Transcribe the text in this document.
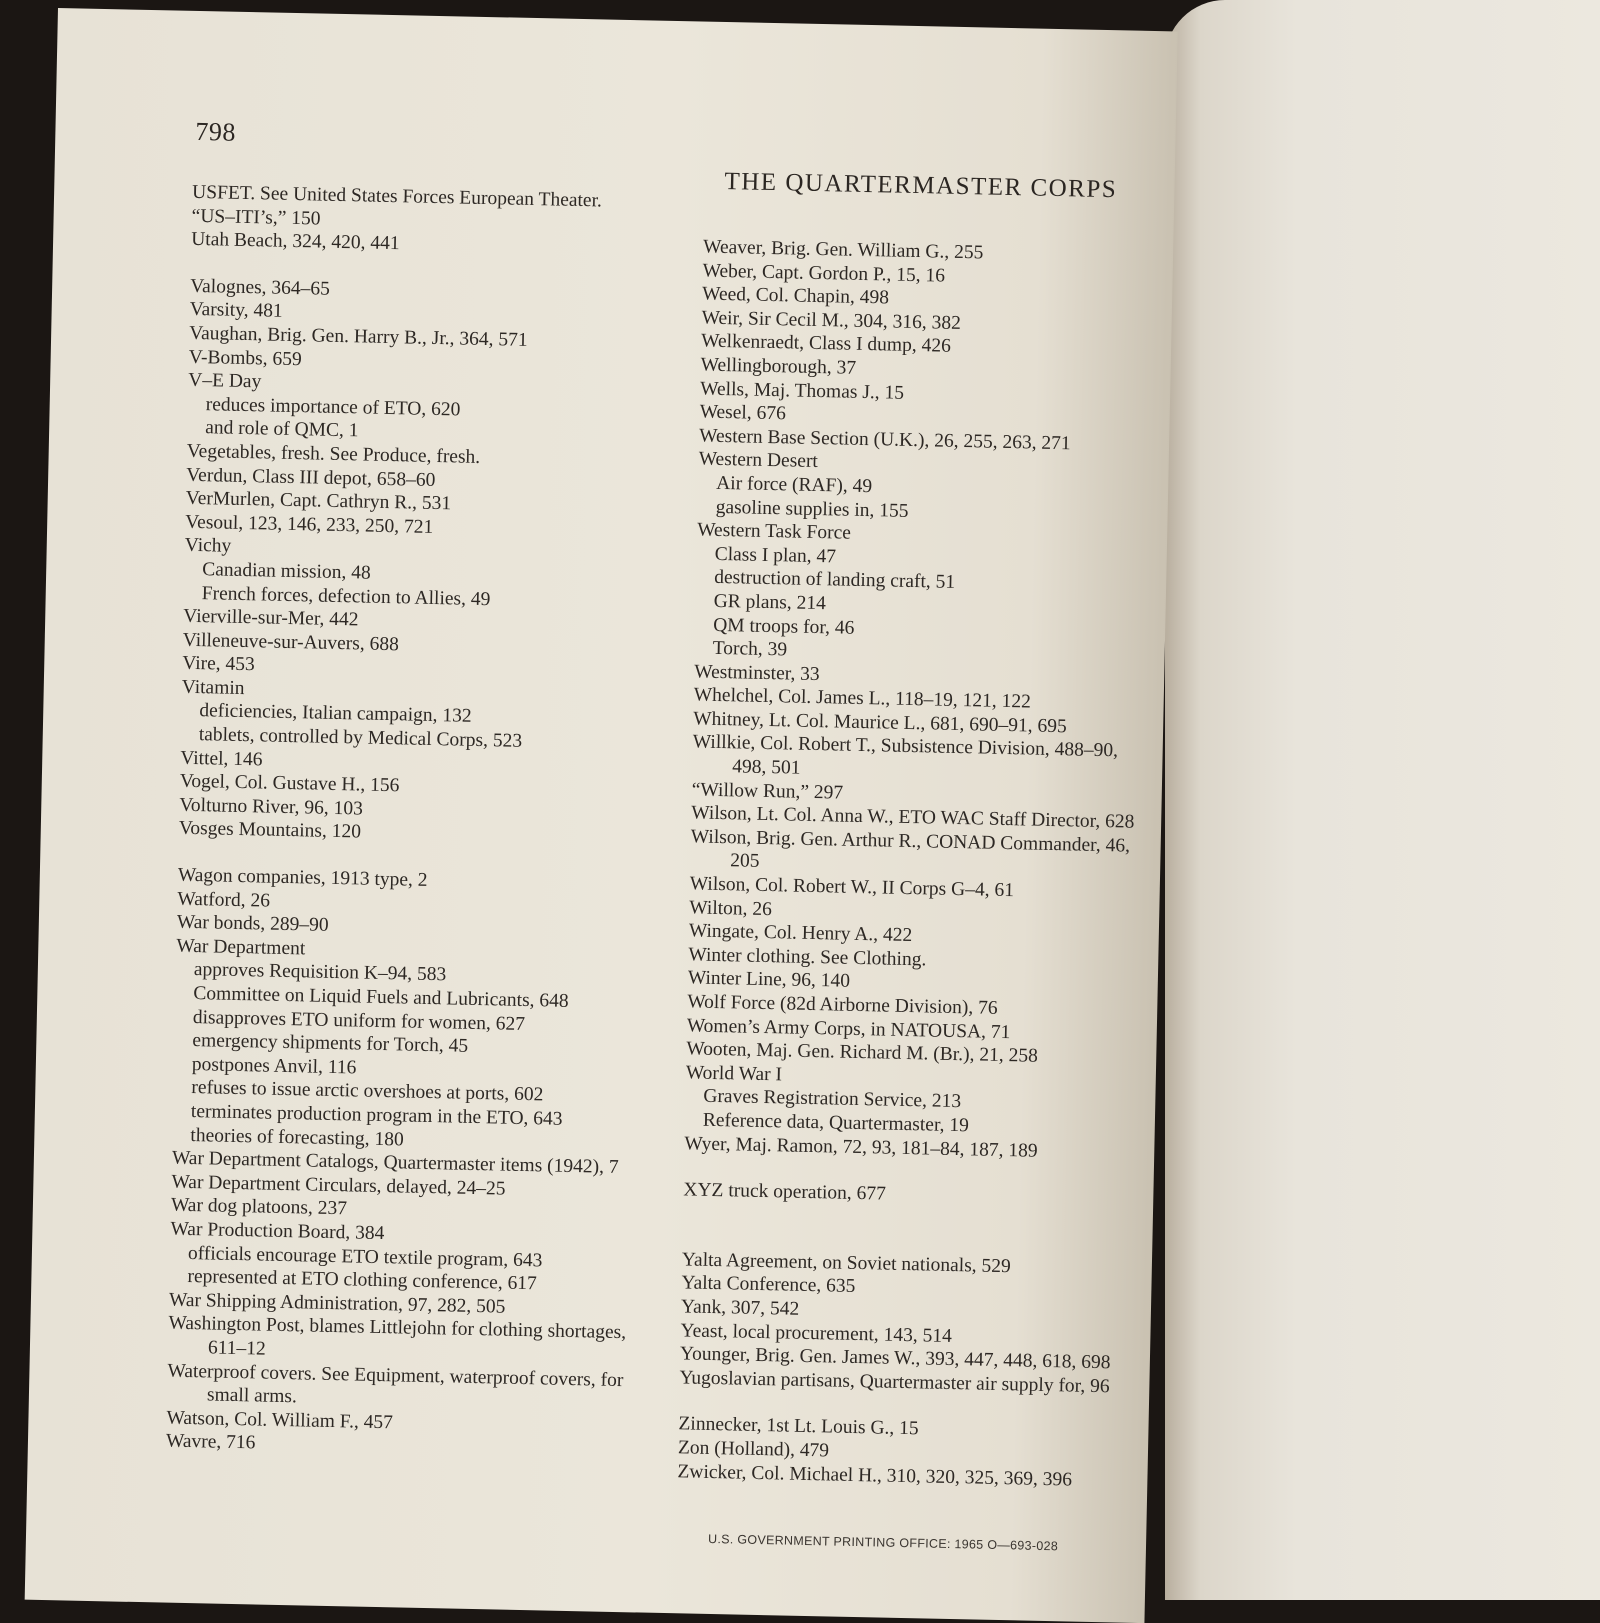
798
THE QUARTERMASTER CORPS
USFET. See United States Forces European Theater.
“US–ITI’s,” 150
Utah Beach, 324, 420, 441
Valognes, 364–65
Varsity, 481
Vaughan, Brig. Gen. Harry B., Jr., 364, 571
V-Bombs, 659
V–E Day
reduces importance of ETO, 620
and role of QMC, 1
Vegetables, fresh. See Produce, fresh.
Verdun, Class III depot, 658–60
VerMurlen, Capt. Cathryn R., 531
Vesoul, 123, 146, 233, 250, 721
Vichy
Canadian mission, 48
French forces, defection to Allies, 49
Vierville-sur-Mer, 442
Villeneuve-sur-Auvers, 688
Vire, 453
Vitamin
deficiencies, Italian campaign, 132
tablets, controlled by Medical Corps, 523
Vittel, 146
Vogel, Col. Gustave H., 156
Volturno River, 96, 103
Vosges Mountains, 120
Wagon companies, 1913 type, 2
Watford, 26
War bonds, 289–90
War Department
approves Requisition K–94, 583
Committee on Liquid Fuels and Lubricants, 648
disapproves ETO uniform for women, 627
emergency shipments for Torch, 45
postpones Anvil, 116
refuses to issue arctic overshoes at ports, 602
terminates production program in the ETO, 643
theories of forecasting, 180
War Department Catalogs, Quartermaster items (1942), 7
War Department Circulars, delayed, 24–25
War dog platoons, 237
War Production Board, 384
officials encourage ETO textile program, 643
represented at ETO clothing conference, 617
War Shipping Administration, 97, 282, 505
Washington Post, blames Littlejohn for clothing shortages, 611–12
Waterproof covers. See Equipment, waterproof covers, for small arms.
Watson, Col. William F., 457
Wavre, 716
Weaver, Brig. Gen. William G., 255
Weber, Capt. Gordon P., 15, 16
Weed, Col. Chapin, 498
Weir, Sir Cecil M., 304, 316, 382
Welkenraedt, Class I dump, 426
Wellingborough, 37
Wells, Maj. Thomas J., 15
Wesel, 676
Western Base Section (U.K.), 26, 255, 263, 271
Western Desert
Air force (RAF), 49
gasoline supplies in, 155
Western Task Force
Class I plan, 47
destruction of landing craft, 51
GR plans, 214
QM troops for, 46
Torch, 39
Westminster, 33
Whelchel, Col. James L., 118–19, 121, 122
Whitney, Lt. Col. Maurice L., 681, 690–91, 695
Willkie, Col. Robert T., Subsistence Division, 488–90, 498, 501
“Willow Run,” 297
Wilson, Lt. Col. Anna W., ETO WAC Staff Director, 628
Wilson, Brig. Gen. Arthur R., CONAD Commander, 46, 205
Wilson, Col. Robert W., II Corps G–4, 61
Wilton, 26
Wingate, Col. Henry A., 422
Winter clothing. See Clothing.
Winter Line, 96, 140
Wolf Force (82d Airborne Division), 76
Women’s Army Corps, in NATOUSA, 71
Wooten, Maj. Gen. Richard M. (Br.), 21, 258
World War I
Graves Registration Service, 213
Reference data, Quartermaster, 19
Wyer, Maj. Ramon, 72, 93, 181–84, 187, 189
XYZ truck operation, 677
Yalta Agreement, on Soviet nationals, 529
Yalta Conference, 635
Yank, 307, 542
Yeast, local procurement, 143, 514
Younger, Brig. Gen. James W., 393, 447, 448, 618, 698
Yugoslavian partisans, Quartermaster air supply for, 96
Zinnecker, 1st Lt. Louis G., 15
Zon (Holland), 479
Zwicker, Col. Michael H., 310, 320, 325, 369, 396
U.S. GOVERNMENT PRINTING OFFICE: 1965 O—693-028
